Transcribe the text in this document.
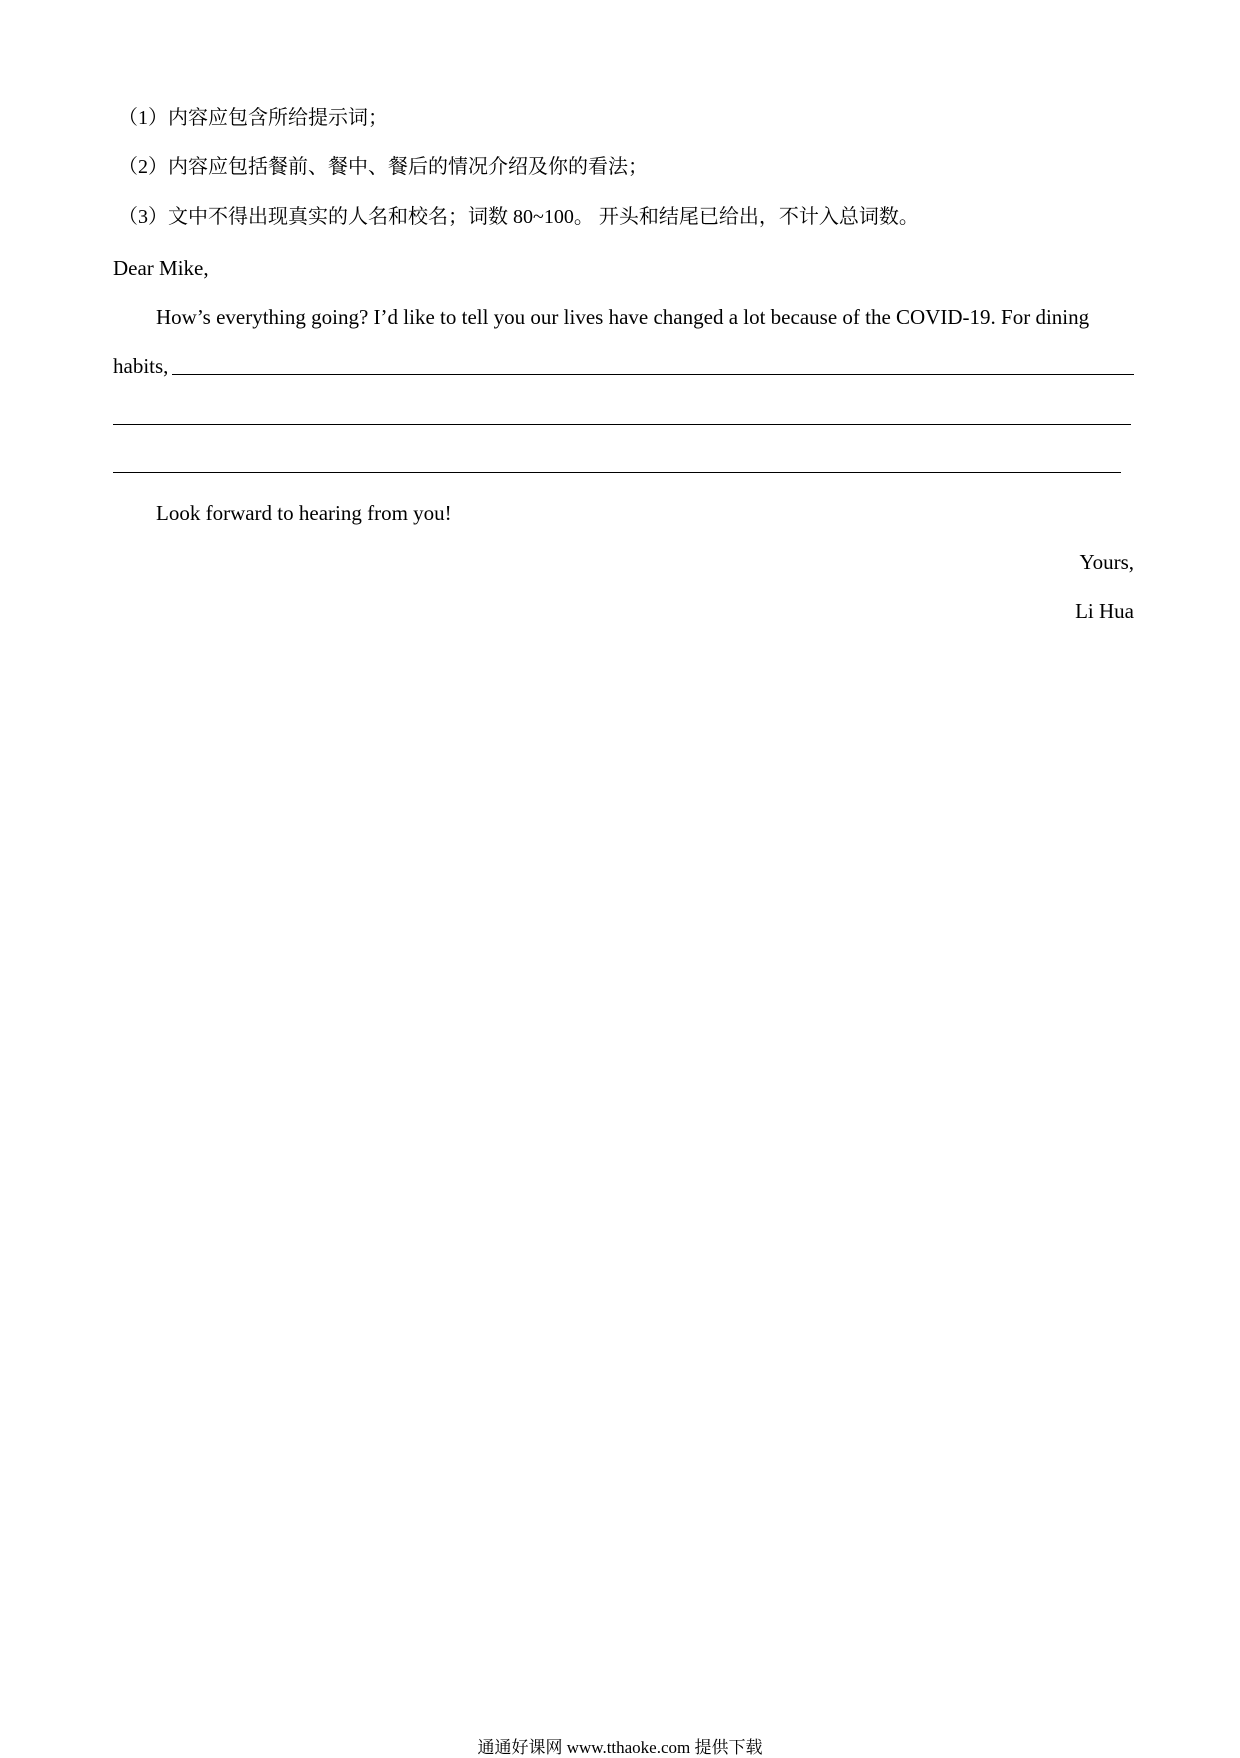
（1）内容应包含所给提示词；
（2）内容应包括餐前、餐中、餐后的情况介绍及你的看法；
（3）文中不得出现真实的人名和校名；词数 80~100。 开头和结尾已给出，不计入总词数。
Dear Mike,
How’s everything going? I’d like to tell you our lives have changed a lot because of the COVID-19. For dining
habits,
Look forward to hearing from you!
Yours,
Li Hua
通通好课网 www.tthaoke.com 提供下载
